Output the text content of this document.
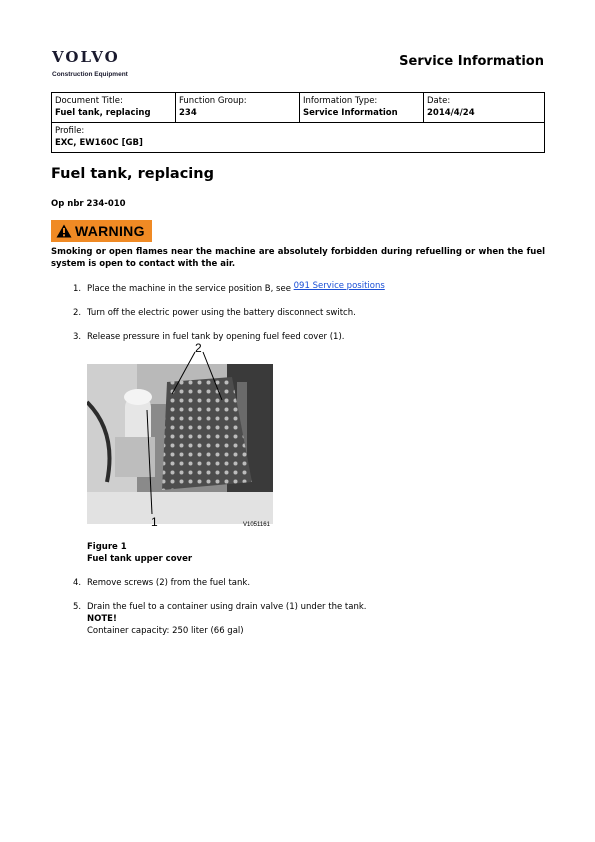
VOLVO
Construction Equipment
Service Information
Document Title:
Fuel tank, replacing

Function Group:
234

Information Type:
Service Information

Date:
2014/4/24

Profile:
EXC, EW160C [GB]
Fuel tank, replacing
Op nbr 234-010
WARNING
Smoking or open flames near the machine are absolutely forbidden during refuelling or when the fuel system is open to contact with the air.
1. Place the machine in the service position B, see 091 Service positions
2. Turn off the electric power using the battery disconnect switch.
3. Release pressure in fuel tank by opening fuel feed cover (1).
2
1	V1051161
Figure 1
Fuel tank upper cover
4. Remove screws (2) from the fuel tank.
5. Drain the fuel to a container using drain valve (1) under the tank.
NOTE!
Container capacity: 250 liter (66 gal)
